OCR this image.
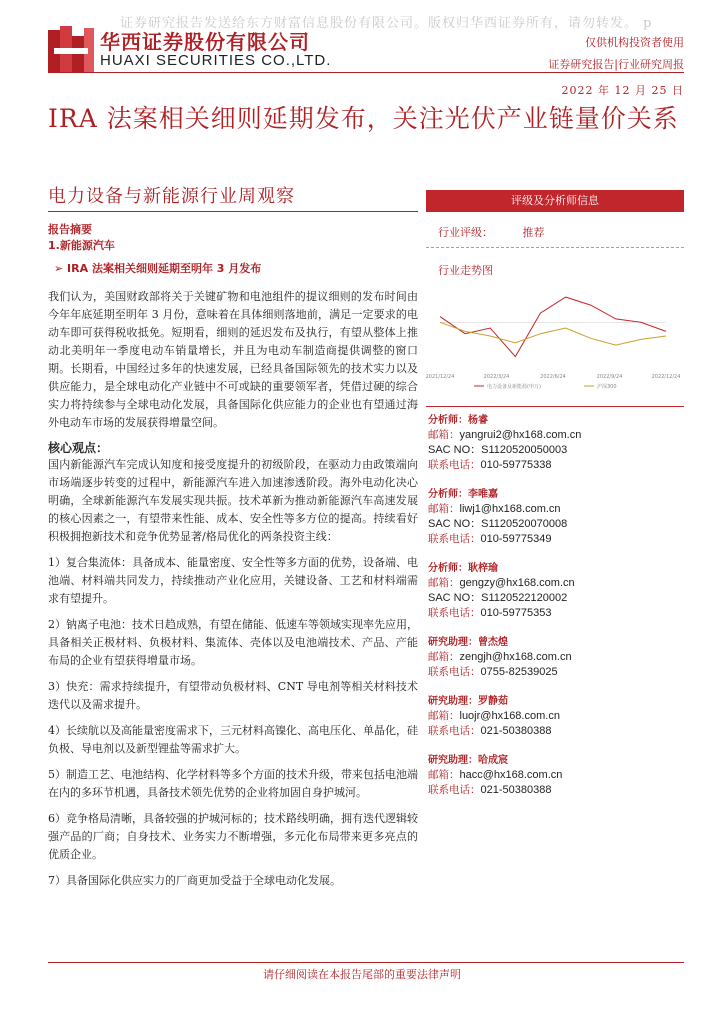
证券研究报告发送给东方财富信息股份有限公司。版权归华西证券所有，请勿转发。 p
华西证券股份有限公司
HUAXI SECURITIES CO.,LTD.
仅供机构投资者使用
证券研究报告|行业研究周报
2022 年 12 月 25 日
IRA 法案相关细则延期发布，关注光伏产业链量价关系
电力设备与新能源行业周观察	评级及分析师信息
行业评级：	推荐
行业走势图
2021/12/24	2022/3/24	2022/6/24	2022/9/24	2022/12/24
电力设备及新能源(申万)	沪深300
分析师：杨睿
邮箱：yangrui2@hx168.com.cn
SAC NO：S1120520050003
联系电话：010-59775338
分析师：李唯嘉
邮箱：liwj1@hx168.com.cn
SAC NO：S1120520070008
联系电话：010-59775349
分析师：耿梓瑜
邮箱：gengzy@hx168.com.cn
SAC NO：S1120522120002
联系电话：010-59775353
研究助理：曾杰煌
邮箱：zengjh@hx168.com.cn
联系电话：0755-82539025
研究助理：罗静茹
邮箱：luojr@hx168.com.cn
联系电话：021-50380388
研究助理：哈成宸
邮箱：hacc@hx168.com.cn
联系电话：021-50380388
报告摘要
1.新能源汽车
➢ IRA 法案相关细则延期至明年 3 月发布
我们认为，美国财政部将关于关键矿物和电池组件的提议细则的发布时间由今年年底延期至明年 3 月份，意味着在具体细则落地前，满足一定要求的电动车即可获得税收抵免。短期看，细则的延迟发布及执行，有望从整体上推动北美明年一季度电动车销量增长，并且为电动车制造商提供调整的窗口期。长期看，中国经过多年的快速发展，已经具备国际领先的技术实力以及供应能力，是全球电动化产业链中不可或缺的重要领军者，凭借过硬的综合实力将持续参与全球电动化发展，具备国际化供应能力的企业也有望通过海外电动车市场的发展获得增量空间。
核心观点：
国内新能源汽车完成认知度和接受度提升的初级阶段，在驱动力由政策端向市场端逐步转变的过程中，新能源汽车进入加速渗透阶段。海外电动化决心明确，全球新能源汽车发展实现共振。技术革新为推动新能源汽车高速发展的核心因素之一，有望带来性能、成本、安全性等多方位的提高。持续看好积极拥抱新技术和竞争优势显著/格局优化的两条投资主线：
1）复合集流体：具备成本、能量密度、安全性等多方面的优势，设备端、电池端、材料端共同发力，持续推动产业化应用，关键设备、工艺和材料端需求有望提升。
2）钠离子电池：技术日趋成熟，有望在储能、低速车等领域实现率先应用，具备相关正极材料、负极材料、集流体、壳体以及电池端技术、产品、产能布局的企业有望获得增量市场。
3）快充：需求持续提升，有望带动负极材料、CNT 导电剂等相关材料技术迭代以及需求提升。
4）长续航以及高能量密度需求下，三元材料高镍化、高电压化、单晶化，硅负极、导电剂以及新型锂盐等需求扩大。
5）制造工艺、电池结构、化学材料等多个方面的技术升级，带来包括电池端在内的多环节机遇，具备技术领先优势的企业将加固自身护城河。
6）竞争格局清晰，具备较强的护城河标的；技术路线明确，拥有迭代逻辑较强产品的厂商；自身技术、业务实力不断增强，多元化布局带来更多亮点的优质企业。
7）具备国际化供应实力的厂商更加受益于全球电动化发展。
请仔细阅读在本报告尾部的重要法律声明
